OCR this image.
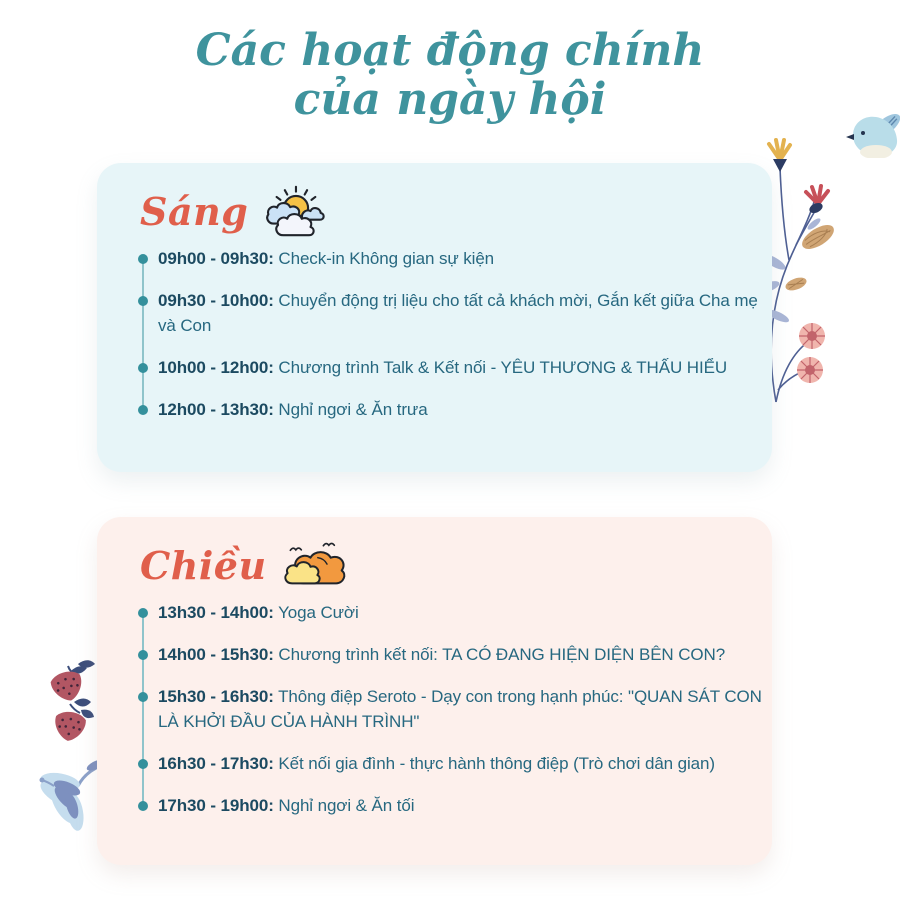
Các hoạt động chính
của ngày hội
Sáng
09h00 - 09h30: Check-in Không gian sự kiện
09h30 - 10h00: Chuyển động trị liệu cho tất cả khách mời, Gắn kết giữa Cha mẹ và Con
10h00 - 12h00: Chương trình Talk & Kết nối - YÊU THƯƠNG & THẤU HIỂU
12h00 - 13h30: Nghỉ ngơi & Ăn trưa
Chiều
13h30 - 14h00: Yoga Cười
14h00 - 15h30: Chương trình kết nối: TA CÓ ĐANG HIỆN DIỆN BÊN CON?
15h30 - 16h30: Thông điệp Seroto - Dạy con trong hạnh phúc: "QUAN SÁT CON LÀ KHỞI ĐẦU CỦA HÀNH TRÌNH"
16h30 - 17h30: Kết nối gia đình - thực hành thông điệp (Trò chơi dân gian)
17h30 - 19h00: Nghỉ ngơi & Ăn tối
